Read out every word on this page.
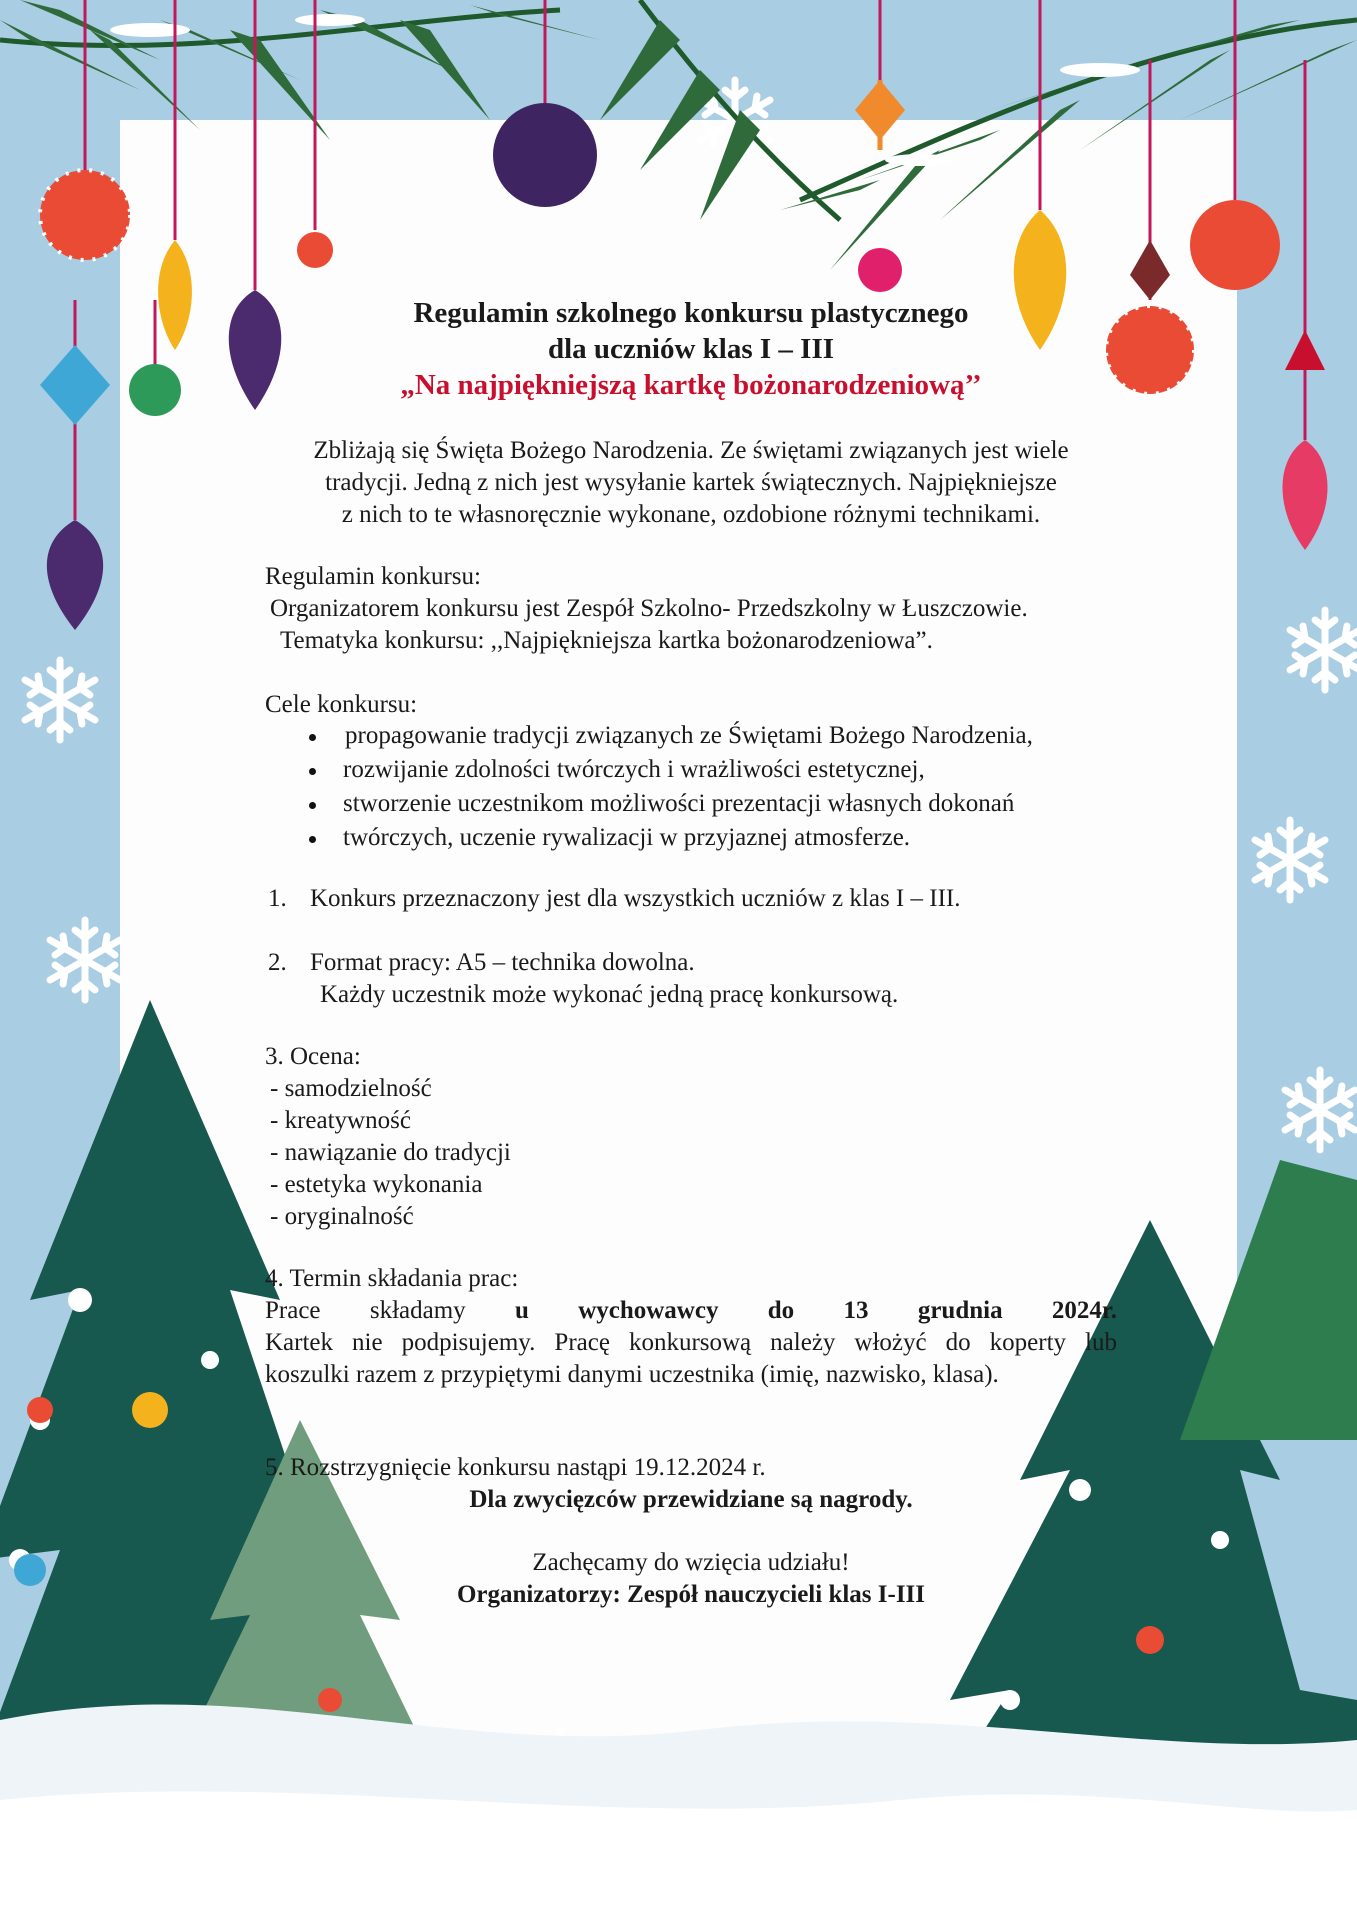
Regulamin szkolnego konkursu plastycznego
dla uczniów klas I – III
„Na najpiękniejszą kartkę bożonarodzeniową’’
Zbliżają się Święta Bożego Narodzenia. Ze świętami związanych jest wiele
tradycji. Jedną z nich jest wysyłanie kartek świątecznych. Najpiękniejsze
z nich to te własnoręcznie wykonane, ozdobione różnymi technikami.
Regulamin konkursu:
Organizatorem konkursu jest Zespół Szkolno- Przedszkolny w Łuszczowie.
Tematyka konkursu: ,,Najpiękniejsza kartka bożonarodzeniowa”.
Cele konkursu:
propagowanie tradycji związanych ze Świętami Bożego Narodzenia,
rozwijanie zdolności twórczych i wrażliwości estetycznej,
stworzenie uczestnikom możliwości prezentacji własnych dokonań
twórczych, uczenie rywalizacji w przyjaznej atmosferze.
1. Konkurs przeznaczony jest dla wszystkich uczniów z klas I – III.
2. Format pracy: A5 – technika dowolna.
Każdy uczestnik może wykonać jedną pracę konkursową.
3. Ocena:
- samodzielność
- kreatywność
- nawiązanie do tradycji
- estetyka wykonania
- oryginalność
4. Termin składania prac:
Prace składamy u wychowawcy do 13 grudnia 2024r.
Kartek nie podpisujemy. Pracę konkursową należy włożyć do koperty lub
koszulki razem z przypiętymi danymi uczestnika (imię, nazwisko, klasa).
5. Rozstrzygnięcie konkursu nastąpi 19.12.2024 r.
Dla zwycięzców przewidziane są nagrody.
Zachęcamy do wzięcia udziału!
Organizatorzy: Zespół nauczycieli klas I-III
